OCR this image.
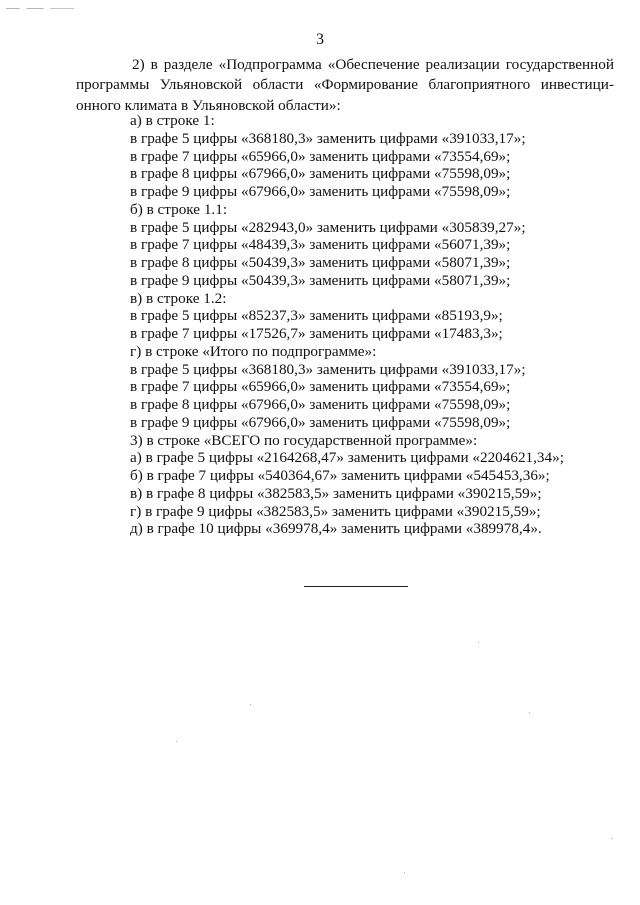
3
2) в разделе «Подпрограмма «Обеспечение реализации государственной
программы Ульяновской области «Формирование благоприятного инвестици-
онного климата в Ульяновской области»:
а) в строке 1:
в графе 5 цифры «368180,3» заменить цифрами «391033,17»;
в графе 7 цифры «65966,0» заменить цифрами «73554,69»;
в графе 8 цифры «67966,0» заменить цифрами «75598,09»;
в графе 9 цифры «67966,0» заменить цифрами «75598,09»;
б) в строке 1.1:
в графе 5 цифры «282943,0» заменить цифрами «305839,27»;
в графе 7 цифры «48439,3» заменить цифрами «56071,39»;
в графе 8 цифры «50439,3» заменить цифрами «58071,39»;
в графе 9 цифры «50439,3» заменить цифрами «58071,39»;
в) в строке 1.2:
в графе 5 цифры «85237,3» заменить цифрами «85193,9»;
в графе 7 цифры «17526,7» заменить цифрами «17483,3»;
г) в строке «Итого по подпрограмме»:
в графе 5 цифры «368180,3» заменить цифрами «391033,17»;
в графе 7 цифры «65966,0» заменить цифрами «73554,69»;
в графе 8 цифры «67966,0» заменить цифрами «75598,09»;
в графе 9 цифры «67966,0» заменить цифрами «75598,09»;
3) в строке «ВСЕГО по государственной программе»:
а) в графе 5 цифры «2164268,47» заменить цифрами «2204621,34»;
б) в графе 7 цифры «540364,67» заменить цифрами «545453,36»;
в) в графе 8 цифры «382583,5» заменить цифрами «390215,59»;
г) в графе 9 цифры «382583,5» заменить цифрами «390215,59»;
д) в графе 10 цифры «369978,4» заменить цифрами «389978,4».
